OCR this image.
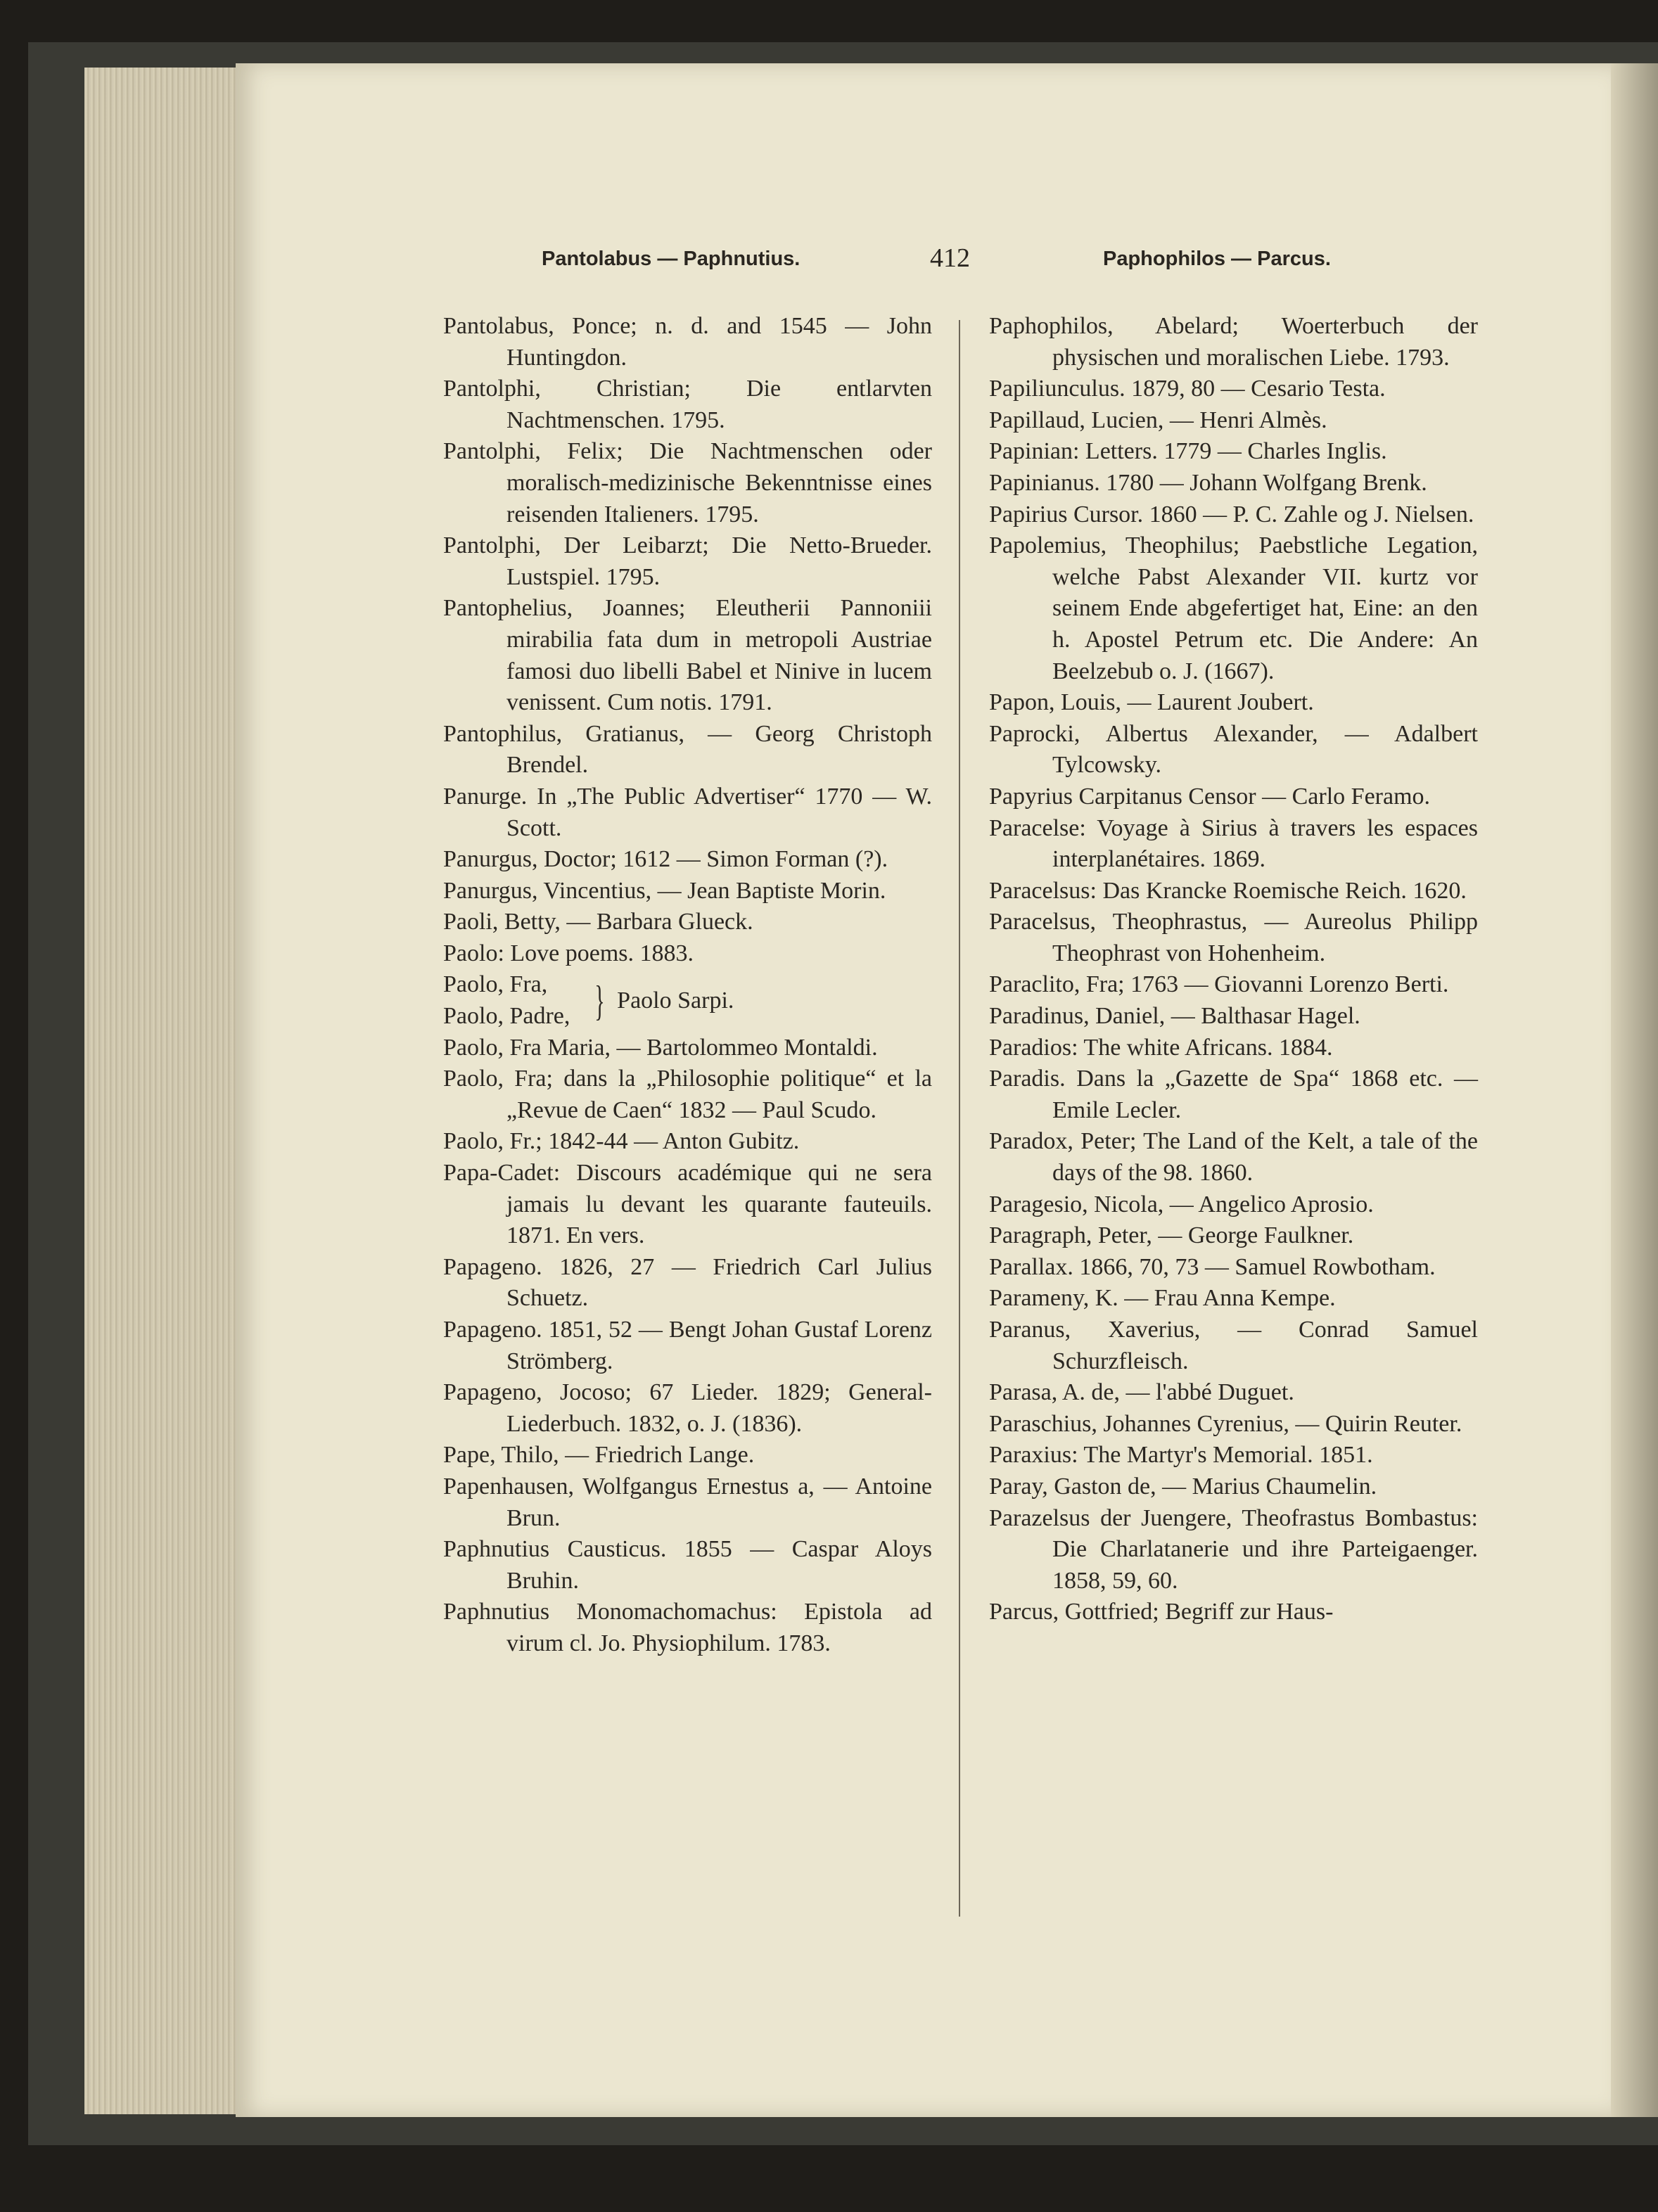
Pantolabus — Paphnutius.	412	Paphophilos — Parcus.

Pantolabus, Ponce; n. d. and 1545 — John Huntingdon.

Pantolphi, Christian; Die entlarvten Nachtmenschen. 1795.

Pantolphi, Felix; Die Nachtmenschen oder moralisch-medizinische Bekenntnisse eines reisenden Italieners. 1795.

Pantolphi, Der Leibarzt; Die Netto-Brueder. Lustspiel. 1795.

Pantophelius, Joannes; Eleutherii Pannoniii mirabilia fata dum in metropoli Austriae famosi duo libelli Babel et Ninive in lucem venissent. Cum notis. 1791.

Pantophilus, Gratianus, — Georg Christoph Brendel.

Panurge. In „The Public Advertiser“ 1770 — W. Scott.

Panurgus, Doctor; 1612 — Simon Forman (?).

Panurgus, Vincentius, — Jean Baptiste Morin.

Paoli, Betty, — Barbara Glueck.

Paolo: Love poems. 1883.

Paolo, Fra,

Paolo, Padre, } Paolo Sarpi.

Paolo, Fra Maria, — Bartolommeo Montaldi.

Paolo, Fra; dans la „Philosophie politique“ et la „Revue de Caen“ 1832 — Paul Scudo.

Paolo, Fr.; 1842-44 — Anton Gubitz.

Papa-Cadet: Discours académique qui ne sera jamais lu devant les quarante fauteuils. 1871. En vers.

Papageno. 1826, 27 — Friedrich Carl Julius Schuetz.

Papageno. 1851, 52 — Bengt Johan Gustaf Lorenz Strömberg.

Papageno, Jocoso; 67 Lieder. 1829; General-Liederbuch. 1832, o. J. (1836).

Pape, Thilo, — Friedrich Lange.

Papenhausen, Wolfgangus Ernestus a, — Antoine Brun.

Paphnutius Causticus. 1855 — Caspar Aloys Bruhin.

Paphnutius Monomachomachus: Epistola ad virum cl. Jo. Physiophilum. 1783.

Paphophilos, Abelard; Woerterbuch der physischen und moralischen Liebe. 1793.

Papiliunculus. 1879, 80 — Cesario Testa.

Papillaud, Lucien, — Henri Almès.

Papinian: Letters. 1779 — Charles Inglis.

Papinianus. 1780 — Johann Wolfgang Brenk.

Papirius Cursor. 1860 — P. C. Zahle og J. Nielsen.

Papolemius, Theophilus; Paebstliche Legation, welche Pabst Alexander VII. kurtz vor seinem Ende abgefertiget hat, Eine: an den h. Apostel Petrum etc. Die Andere: An Beelzebub o. J. (1667).

Papon, Louis, — Laurent Joubert.

Paprocki, Albertus Alexander, — Adalbert Tylcowsky.

Papyrius Carpitanus Censor — Carlo Feramo.

Paracelse: Voyage à Sirius à travers les espaces interplanétaires. 1869.

Paracelsus: Das Krancke Roemische Reich. 1620.

Paracelsus, Theophrastus, — Aureolus Philipp Theophrast von Hohenheim.

Paraclito, Fra; 1763 — Giovanni Lorenzo Berti.

Paradinus, Daniel, — Balthasar Hagel.

Paradios: The white Africans. 1884.

Paradis. Dans la „Gazette de Spa“ 1868 etc. — Emile Lecler.

Paradox, Peter; The Land of the Kelt, a tale of the days of the 98. 1860.

Paragesio, Nicola, — Angelico Aprosio.

Paragraph, Peter, — George Faulkner.

Parallax. 1866, 70, 73 — Samuel Rowbotham.

Parameny, K. — Frau Anna Kempe.

Paranus, Xaverius, — Conrad Samuel Schurzfleisch.

Parasa, A. de, — l'abbé Duguet.

Paraschius, Johannes Cyrenius, — Quirin Reuter.

Paraxius: The Martyr's Memorial. 1851.

Paray, Gaston de, — Marius Chaumelin.

Parazelsus der Juengere, Theofrastus Bombastus: Die Charlatanerie und ihre Parteigaenger. 1858, 59, 60.

Parcus, Gottfried; Begriff zur Haus-
